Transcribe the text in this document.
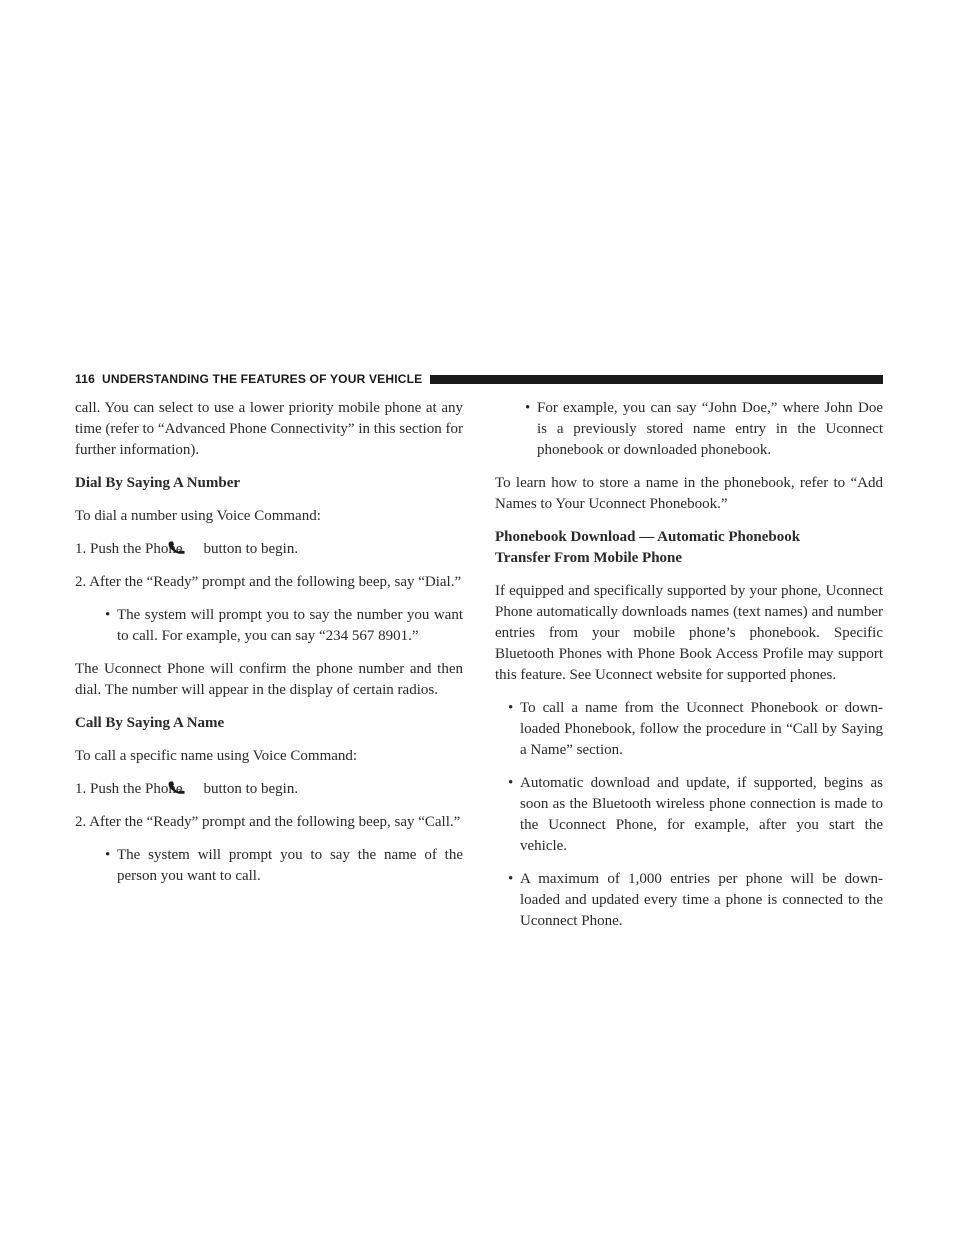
116 UNDERSTANDING THE FEATURES OF YOUR VEHICLE

call. You can select to use a lower priority mobile phone at any time (refer to “Advanced Phone Connectivity” in this section for further information).

Dial By Saying A Number

To dial a number using Voice Command:

1. Push the Phone button to begin.

2. After the “Ready” prompt and the following beep, say “Dial.”

• The system will prompt you to say the number you want to call. For example, you can say “234 567 8901.”

The Uconnect Phone will confirm the phone number and then dial. The number will appear in the display of certain radios.

Call By Saying A Name

To call a specific name using Voice Command:

1. Push the Phone button to begin.

2. After the “Ready” prompt and the following beep, say “Call.”

• The system will prompt you to say the name of the person you want to call.

• For example, you can say “John Doe,” where John Doe is a previously stored name entry in the Uconnect phonebook or downloaded phonebook.

To learn how to store a name in the phonebook, refer to “Add Names to Your Uconnect Phonebook.”

Phonebook Download — Automatic Phonebook
Transfer From Mobile Phone

If equipped and specifically supported by your phone, Uconnect Phone automatically downloads names (text names) and number entries from your mobile phone’s phonebook. Specific Bluetooth Phones with Phone Book Access Profile may support this feature. See Uconnect website for supported phones.

• To call a name from the Uconnect Phonebook or down- loaded Phonebook, follow the procedure in “Call by Saying a Name” section.

• Automatic download and update, if supported, begins as soon as the Bluetooth wireless phone connection is made to the Uconnect Phone, for example, after you start the vehicle.

• A maximum of 1,000 entries per phone will be down- loaded and updated every time a phone is connected to the Uconnect Phone.
